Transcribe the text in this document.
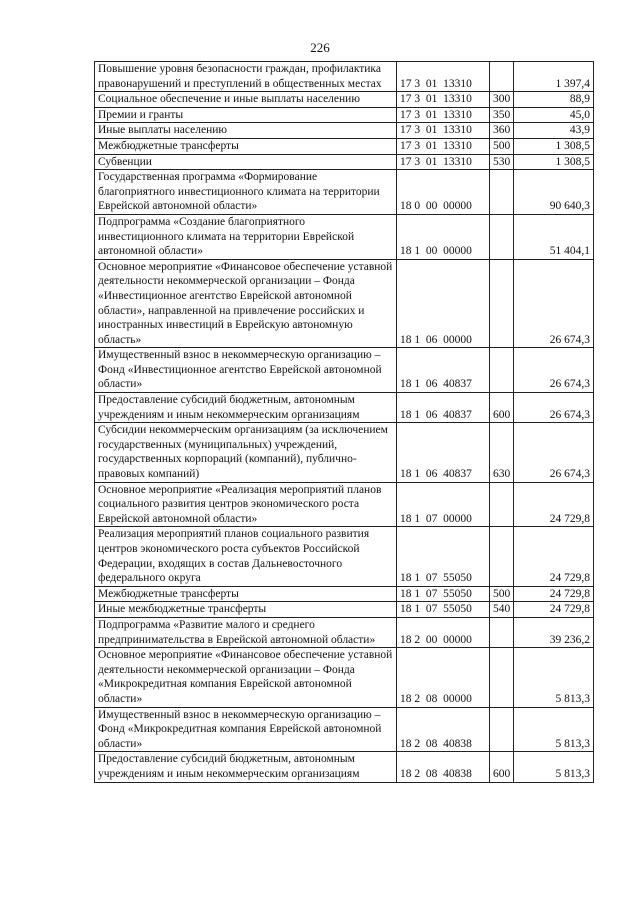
226
Повышение уровня безопасности граждан, профилактика правонарушений и преступлений в общественных местах	17 3  01  13310		1 397,4
Социальное обеспечение и иные выплаты населению	17 3  01  13310	300	88,9
Премии и гранты	17 3  01  13310	350	45,0
Иные выплаты населению	17 3  01  13310	360	43,9
Межбюджетные трансферты	17 3  01  13310	500	1 308,5
Субвенции	17 3  01  13310	530	1 308,5
Государственная программа «Формирование благоприятного инвестиционного климата на территории Еврейской автономной области»	18 0  00  00000		90 640,3
Подпрограмма «Создание благоприятного инвестиционного климата на территории Еврейской автономной области»	18 1  00  00000		51 404,1
Основное мероприятие «Финансовое обеспечение уставной деятельности некоммерческой организации – Фонда «Инвестиционное агентство Еврейской автономной области», направленной на привлечение российских и иностранных инвестиций в Еврейскую автономную область»	18 1  06  00000		26 674,3
Имущественный взнос в некоммерческую организацию – Фонд «Инвестиционное агентство Еврейской автономной области»	18 1  06  40837		26 674,3
Предоставление субсидий бюджетным, автономным учреждениям и иным некоммерческим организациям	18 1  06  40837	600	26 674,3
Субсидии некоммерческим организациям (за исключением государственных (муниципальных) учреждений, государственных корпораций (компаний), публично-правовых компаний)	18 1  06  40837	630	26 674,3
Основное мероприятие «Реализация мероприятий планов социального развития центров экономического роста Еврейской автономной области»	18 1  07  00000		24 729,8
Реализация мероприятий планов социального развития центров экономического роста субъектов Российской Федерации, входящих в состав Дальневосточного федерального округа	18 1  07  55050		24 729,8
Межбюджетные трансферты	18 1  07  55050	500	24 729,8
Иные межбюджетные трансферты	18 1  07  55050	540	24 729,8
Подпрограмма «Развитие малого и среднего предпринимательства в Еврейской автономной области»	18 2  00  00000		39 236,2
Основное мероприятие «Финансовое обеспечение уставной деятельности некоммерческой организации – Фонда «Микрокредитная компания Еврейской автономной области»	18 2  08  00000		5 813,3
Имущественный взнос в некоммерческую организацию – Фонд «Микрокредитная компания Еврейской автономной области»	18 2  08  40838		5 813,3
Предоставление субсидий бюджетным, автономным учреждениям и иным некоммерческим организациям	18 2  08  40838	600	5 813,3
